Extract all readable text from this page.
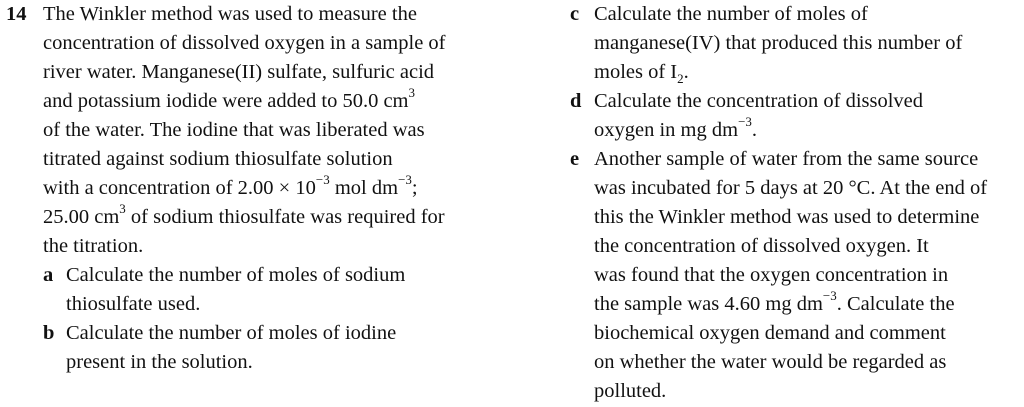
14 The Winkler method was used to measure the
concentration of dissolved oxygen in a sample of
river water. Manganese(II) sulfate, sulfuric acid
and potassium iodide were added to 50.0 $cm^3$
of the water. The iodine that was liberated was
titrated against sodium thiosulfate solution
with a concentration of $2.00 \times 10^{-3}$ mol $dm^{-3}$;
25.00 $cm^3$ of sodium thiosulfate was required for
the titration.
a Calculate the number of moles of sodium
thiosulfate used.
b Calculate the number of moles of iodine
present in the solution.
c Calculate the number of moles of
manganese(IV) that produced this number of
moles of $I_2$.
d Calculate the concentration of dissolved
oxygen in mg $dm^{-3}$.
e Another sample of water from the same source
was incubated for 5 days at 20 °C. At the end of
this the Winkler method was used to determine
the concentration of dissolved oxygen. It
was found that the oxygen concentration in
the sample was 4.60 mg $dm^{-3}$. Calculate the
biochemical oxygen demand and comment
on whether the water would be regarded as
polluted.
